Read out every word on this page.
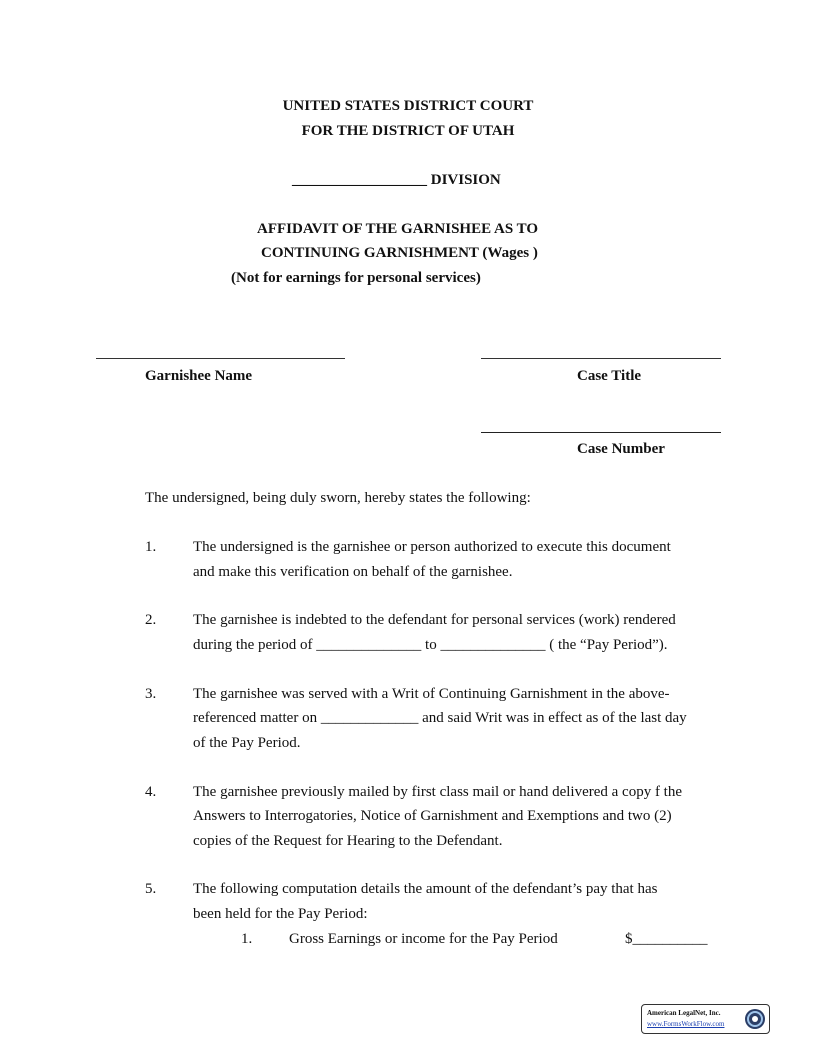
UNITED STATES DISTRICT COURT
FOR THE DISTRICT OF UTAH
__________________ DIVISION
AFFIDAVIT OF THE GARNISHEE AS TO
CONTINUING GARNISHMENT (Wages )
(Not for earnings for personal services)
Garnishee Name	Case Title
Case Number
The undersigned, being duly sworn, hereby states the following:
1. The undersigned is the garnishee or person authorized to execute this document
and make this verification on behalf of the garnishee.
2. The garnishee is indebted to the defendant for personal services (work) rendered
during the period of ______________ to ______________ ( the “Pay Period”).
3. The garnishee was served with a Writ of Continuing Garnishment in the above-
referenced matter on _____________ and said Writ was in effect as of the last day
of the Pay Period.
4. The garnishee previously mailed by first class mail or hand delivered a copy f the
Answers to Interrogatories, Notice of Garnishment and Exemptions and two (2)
copies of the Request for Hearing to the Defendant.
5. The following computation details the amount of the defendant’s pay that has
been held for the Pay Period:
1. Gross Earnings or income for the Pay Period	$__________
American LegalNet, Inc.
www.FormsWorkFlow.com
